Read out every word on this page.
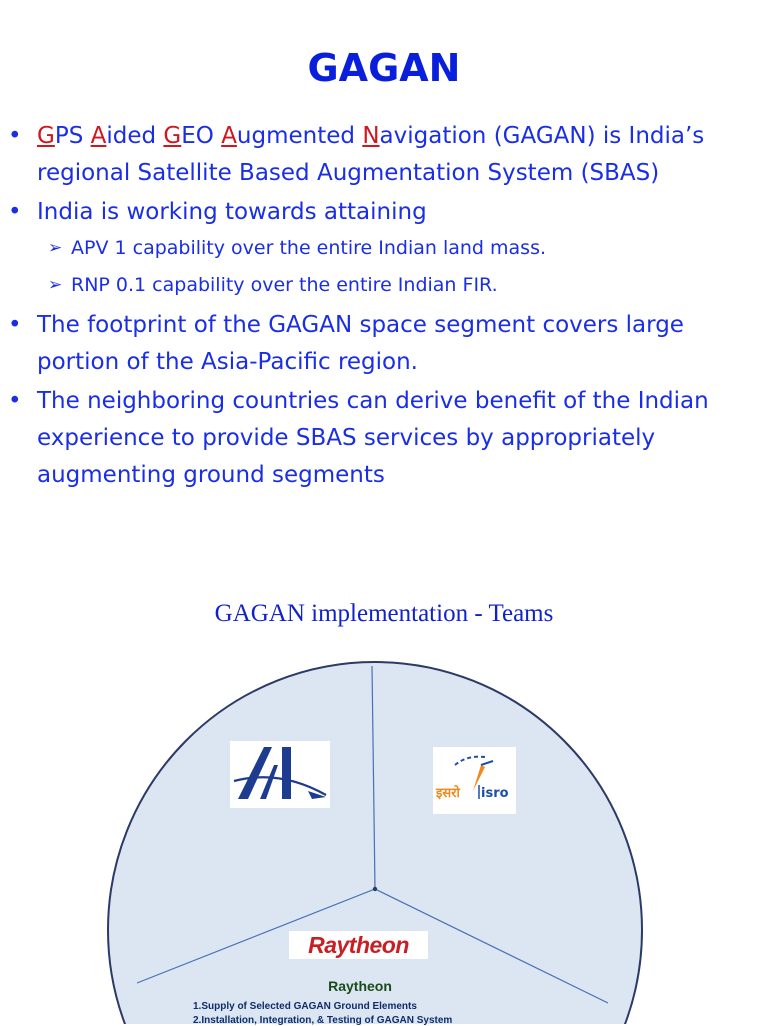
GAGAN
• GPS Aided GEO Augmented Navigation (GAGAN) is India’s regional Satellite Based Augmentation System (SBAS)
• India is working towards attaining
➢ APV 1 capability over the entire Indian land mass.
➢ RNP 0.1 capability over the entire Indian FIR.
• The footprint of the GAGAN space segment covers large portion of the Asia-Pacific region.
• The neighboring countries can derive benefit of the Indian experience to provide SBAS services by appropriately augmenting ground segments
GAGAN implementation - Teams
इसरो isro
Raytheon
Raytheon
1.Supply of Selected GAGAN Ground Elements
2.Installation, Integration, & Testing of GAGAN System
